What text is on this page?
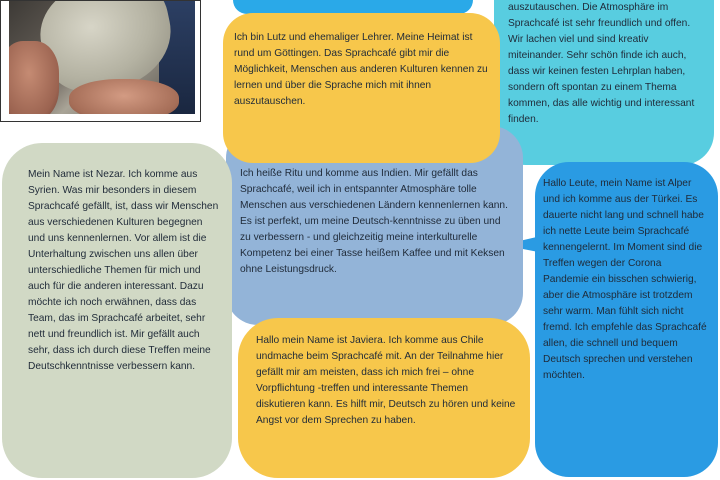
auszutauschen. Die Atmosphäre im Sprachcafé ist sehr freundlich und offen. Wir lachen viel und sind kreativ miteinander. Sehr schön finde ich auch, dass wir keinen festen Lehrplan haben, sondern oft spontan zu einem Thema kommen, das alle wichtig und interessant finden.

Ich heiße Ritu und komme aus Indien. Mir gefällt das Sprachcafé, weil ich in entspannter Atmosphäre tolle Menschen aus verschiedenen Ländern kennenlernen kann. Es ist perfekt, um meine Deutsch-kenntnisse zu üben und zu verbessern - und gleichzeitig meine interkulturelle Kompetenz bei einer Tasse heißem Kaffee und mit Keksen ohne Leistungsdruck.

Ich bin Lutz und ehemaliger Lehrer. Meine Heimat ist rund um Göttingen. Das Sprachcafé gibt mir die Möglichkeit, Menschen aus anderen Kulturen kennen zu lernen und über die Sprache mich mit ihnen auszutauschen.

Mein Name ist Nezar. Ich komme aus Syrien. Was mir besonders in diesem Sprachcafé gefällt, ist, dass wir Menschen aus verschiedenen Kulturen begegnen und uns kennenlernen. Vor allem ist die Unterhaltung zwischen uns allen über unterschiedliche Themen für mich und auch für die anderen interessant. Dazu möchte ich noch erwähnen, dass das Team, das im Sprachcafé arbeitet, sehr nett und freundlich ist. Mir gefällt auch sehr, dass ich durch diese Treffen meine Deutschkenntnisse verbessern kann.

Hallo Leute, mein Name ist Alper und ich komme aus der Türkei. Es dauerte nicht lang und schnell habe ich nette Leute beim Sprachcafé kennengelernt. Im Moment sind die Treffen wegen der Corona Pandemie ein bisschen schwierig, aber die Atmosphäre ist trotzdem sehr warm. Man fühlt sich nicht fremd. Ich empfehle das Sprachcafé allen, die schnell und bequem Deutsch sprechen und verstehen möchten.

Hallo mein Name ist Javiera. Ich komme aus Chile undmache beim Sprachcafé mit. An der Teilnahme hier gefällt mir am meisten, dass ich mich frei – ohne Vorpflichtung -treffen und interessante Themen diskutieren kann. Es hilft mir, Deutsch zu hören und keine Angst vor dem Sprechen zu haben.
